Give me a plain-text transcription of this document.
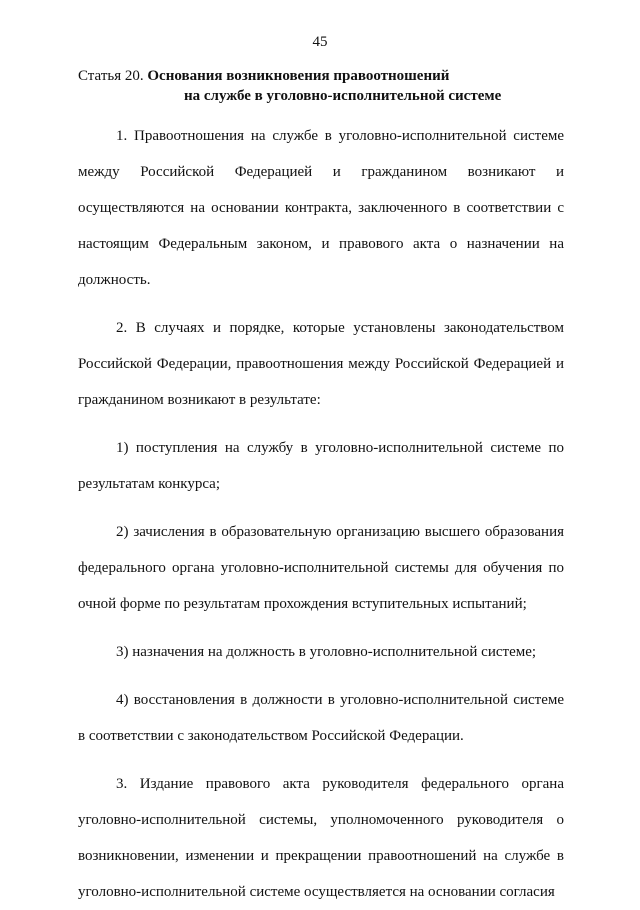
45
Статья 20. Основания возникновения правоотношений
на службе в уголовно-исполнительной системе

1. Правоотношения на службе в уголовно-исполнительной системе между Российской Федерацией и гражданином возникают и осуществляются на основании контракта, заключенного в соответствии с настоящим Федеральным законом, и правового акта о назначении на должность.

2. В случаях и порядке, которые установлены законодательством Российской Федерации, правоотношения между Российской Федерацией и гражданином возникают в результате:

1) поступления на службу в уголовно-исполнительной системе по результатам конкурса;

2) зачисления в образовательную организацию высшего образования федерального органа уголовно-исполнительной системы для обучения по очной форме по результатам прохождения вступительных испытаний;

3) назначения на должность в уголовно-исполнительной системе;

4) восстановления в должности в уголовно-исполнительной системе в соответствии с законодательством Российской Федерации.

3. Издание правового акта руководителя федерального органа уголовно-исполнительной системы, уполномоченного руководителя о возникновении, изменении и прекращении правоотношений на службе в уголовно-исполнительной системе осуществляется на основании согласия
